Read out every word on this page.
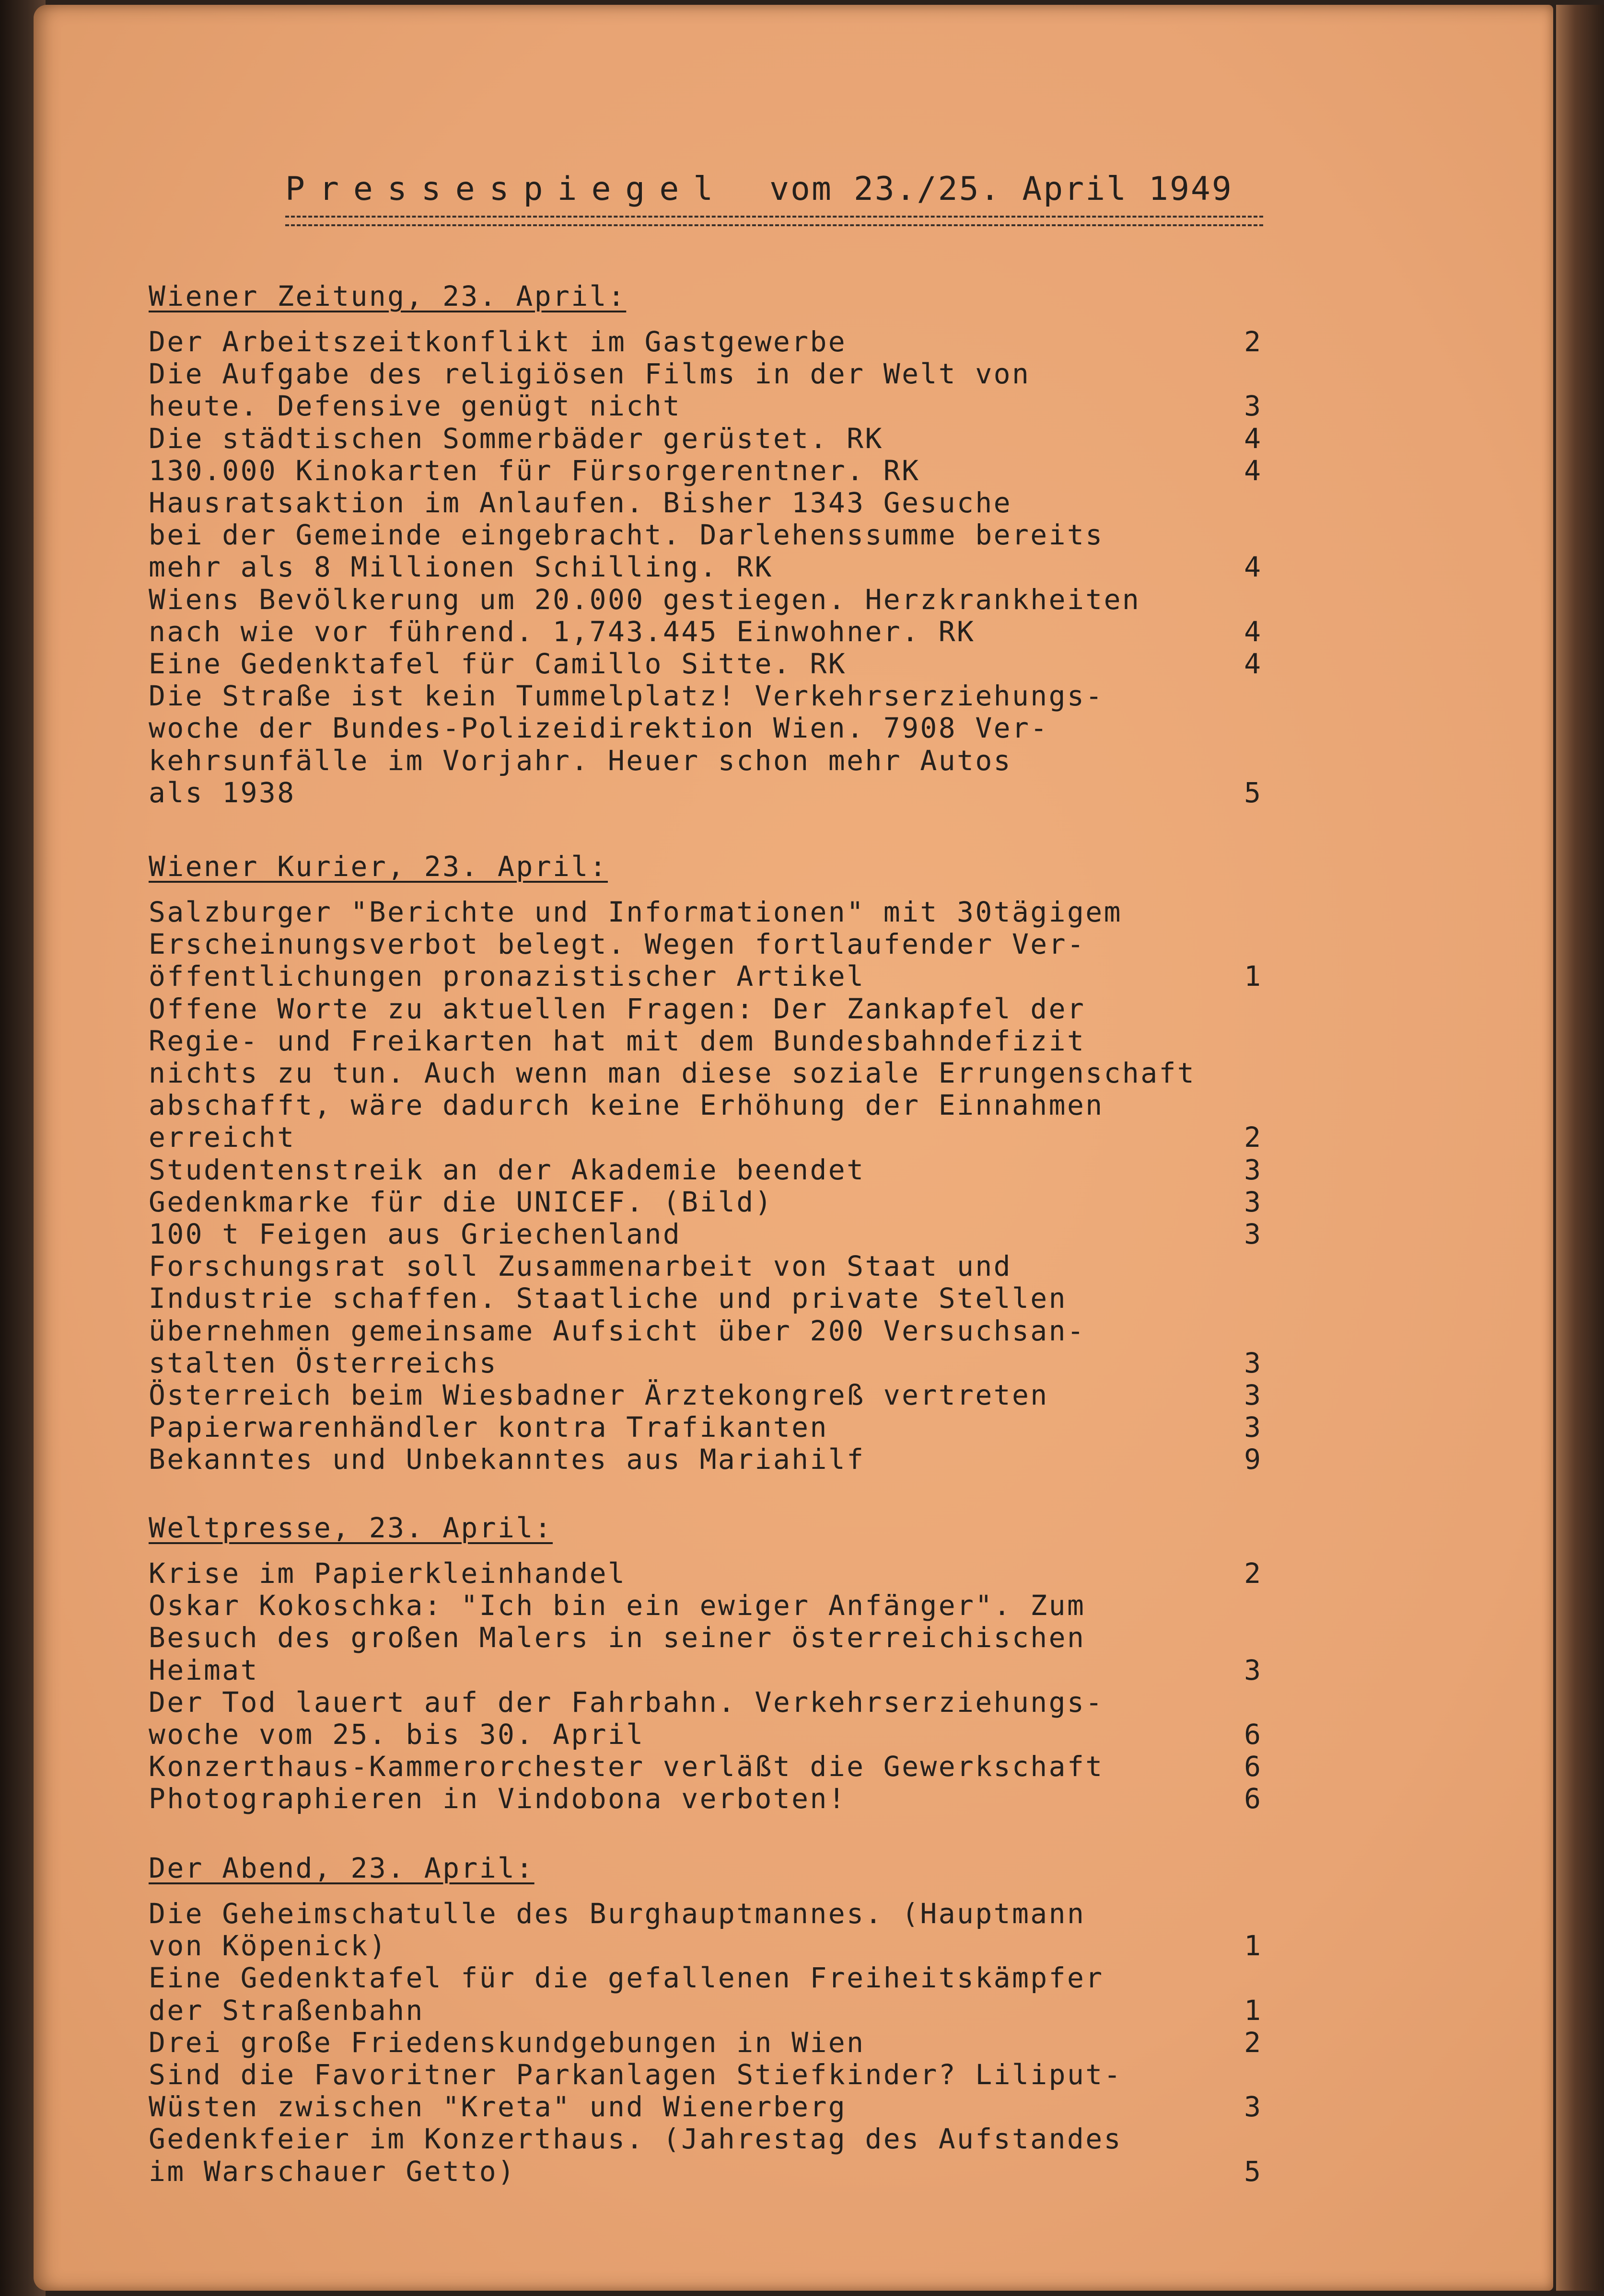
Pressespiegel vom 23./25. April 1949
Wiener Zeitung, 23. April:
Der Arbeitszeitkonflikt im Gastgewerbe	2
Die Aufgabe des religiösen Films in der Welt von
heute. Defensive genügt nicht	3
Die städtischen Sommerbäder gerüstet. RK	4
130.000 Kinokarten für Fürsorgerentner. RK	4
Hausratsaktion im Anlaufen. Bisher 1343 Gesuche
bei der Gemeinde eingebracht. Darlehenssumme bereits
mehr als 8 Millionen Schilling. RK	4
Wiens Bevölkerung um 20.000 gestiegen. Herzkrankheiten
nach wie vor führend. 1,743.445 Einwohner. RK	4
Eine Gedenktafel für Camillo Sitte. RK	4
Die Straße ist kein Tummelplatz! Verkehrserziehungs-
woche der Bundes-Polizeidirektion Wien. 7908 Ver-
kehrsunfälle im Vorjahr. Heuer schon mehr Autos
als 1938	5
Wiener Kurier, 23. April:
Salzburger "Berichte und Informationen" mit 30tägigem
Erscheinungsverbot belegt. Wegen fortlaufender Ver-
öffentlichungen pronazistischer Artikel	1
Offene Worte zu aktuellen Fragen: Der Zankapfel der
Regie- und Freikarten hat mit dem Bundesbahndefizit
nichts zu tun. Auch wenn man diese soziale Errungenschaft
abschafft, wäre dadurch keine Erhöhung der Einnahmen
erreicht	2
Studentenstreik an der Akademie beendet	3
Gedenkmarke für die UNICEF. (Bild)	3
100 t Feigen aus Griechenland	3
Forschungsrat soll Zusammenarbeit von Staat und
Industrie schaffen. Staatliche und private Stellen
übernehmen gemeinsame Aufsicht über 200 Versuchsan-
stalten Österreichs	3
Österreich beim Wiesbadner Ärztekongreß vertreten	3
Papierwarenhändler kontra Trafikanten	3
Bekanntes und Unbekanntes aus Mariahilf	9
Weltpresse, 23. April:
Krise im Papierkleinhandel	2
Oskar Kokoschka: "Ich bin ein ewiger Anfänger". Zum
Besuch des großen Malers in seiner österreichischen
Heimat	3
Der Tod lauert auf der Fahrbahn. Verkehrserziehungs-
woche vom 25. bis 30. April	6
Konzerthaus-Kammerorchester verläßt die Gewerkschaft	6
Photographieren in Vindobona verboten!	6
Der Abend, 23. April:
Die Geheimschatulle des Burghauptmannes. (Hauptmann
von Köpenick)	1
Eine Gedenktafel für die gefallenen Freiheitskämpfer
der Straßenbahn	1
Drei große Friedenskundgebungen in Wien	2
Sind die Favoritner Parkanlagen Stiefkinder? Liliput-
Wüsten zwischen "Kreta" und Wienerberg	3
Gedenkfeier im Konzerthaus. (Jahrestag des Aufstandes
im Warschauer Getto)	5
